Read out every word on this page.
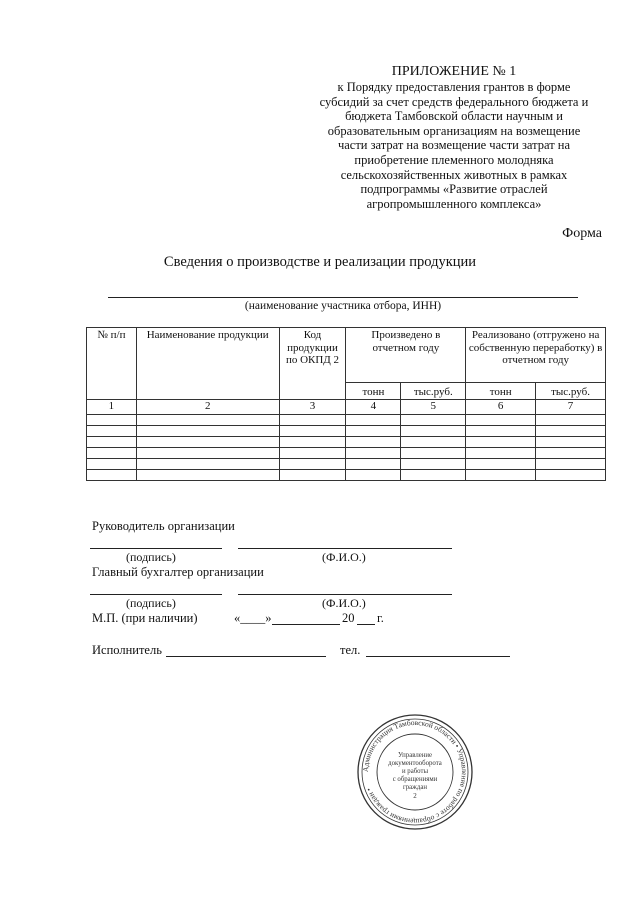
ПРИЛОЖЕНИЕ № 1
к Порядку предоставления грантов в форме
субсидий за счет средств федерального бюджета и
бюджета Тамбовской области научным и
образовательным организациям на возмещение
части затрат на возмещение части затрат на
приобретение племенного молодняка
сельскохозяйственных животных в рамках
подпрограммы «Развитие отраслей
агропромышленного комплекса»
Форма
Сведения о производстве и реализации продукции
(наименование участника отбора, ИНН)
№ п/п	Наименование продукции	Код продукции по ОКПД 2	Произведено в отчетном году		Реализовано (отгружено на собственную переработку) в отчетном году	
			тонн	тыс.руб.	тонн	тыс.руб.
1	2	3	4	5	6	7

Руководитель организации
(подпись)	(Ф.И.О.)
Главный бухгалтер организации
(подпись)	(Ф.И.О.)
М.П. (при наличии)	«____»	20 г.
Исполнитель	тел.
Администрация Тамбовской области • Управление по работе с обращениями граждан •
Управление
документооборота
и работы
с обращениями
граждан
2
